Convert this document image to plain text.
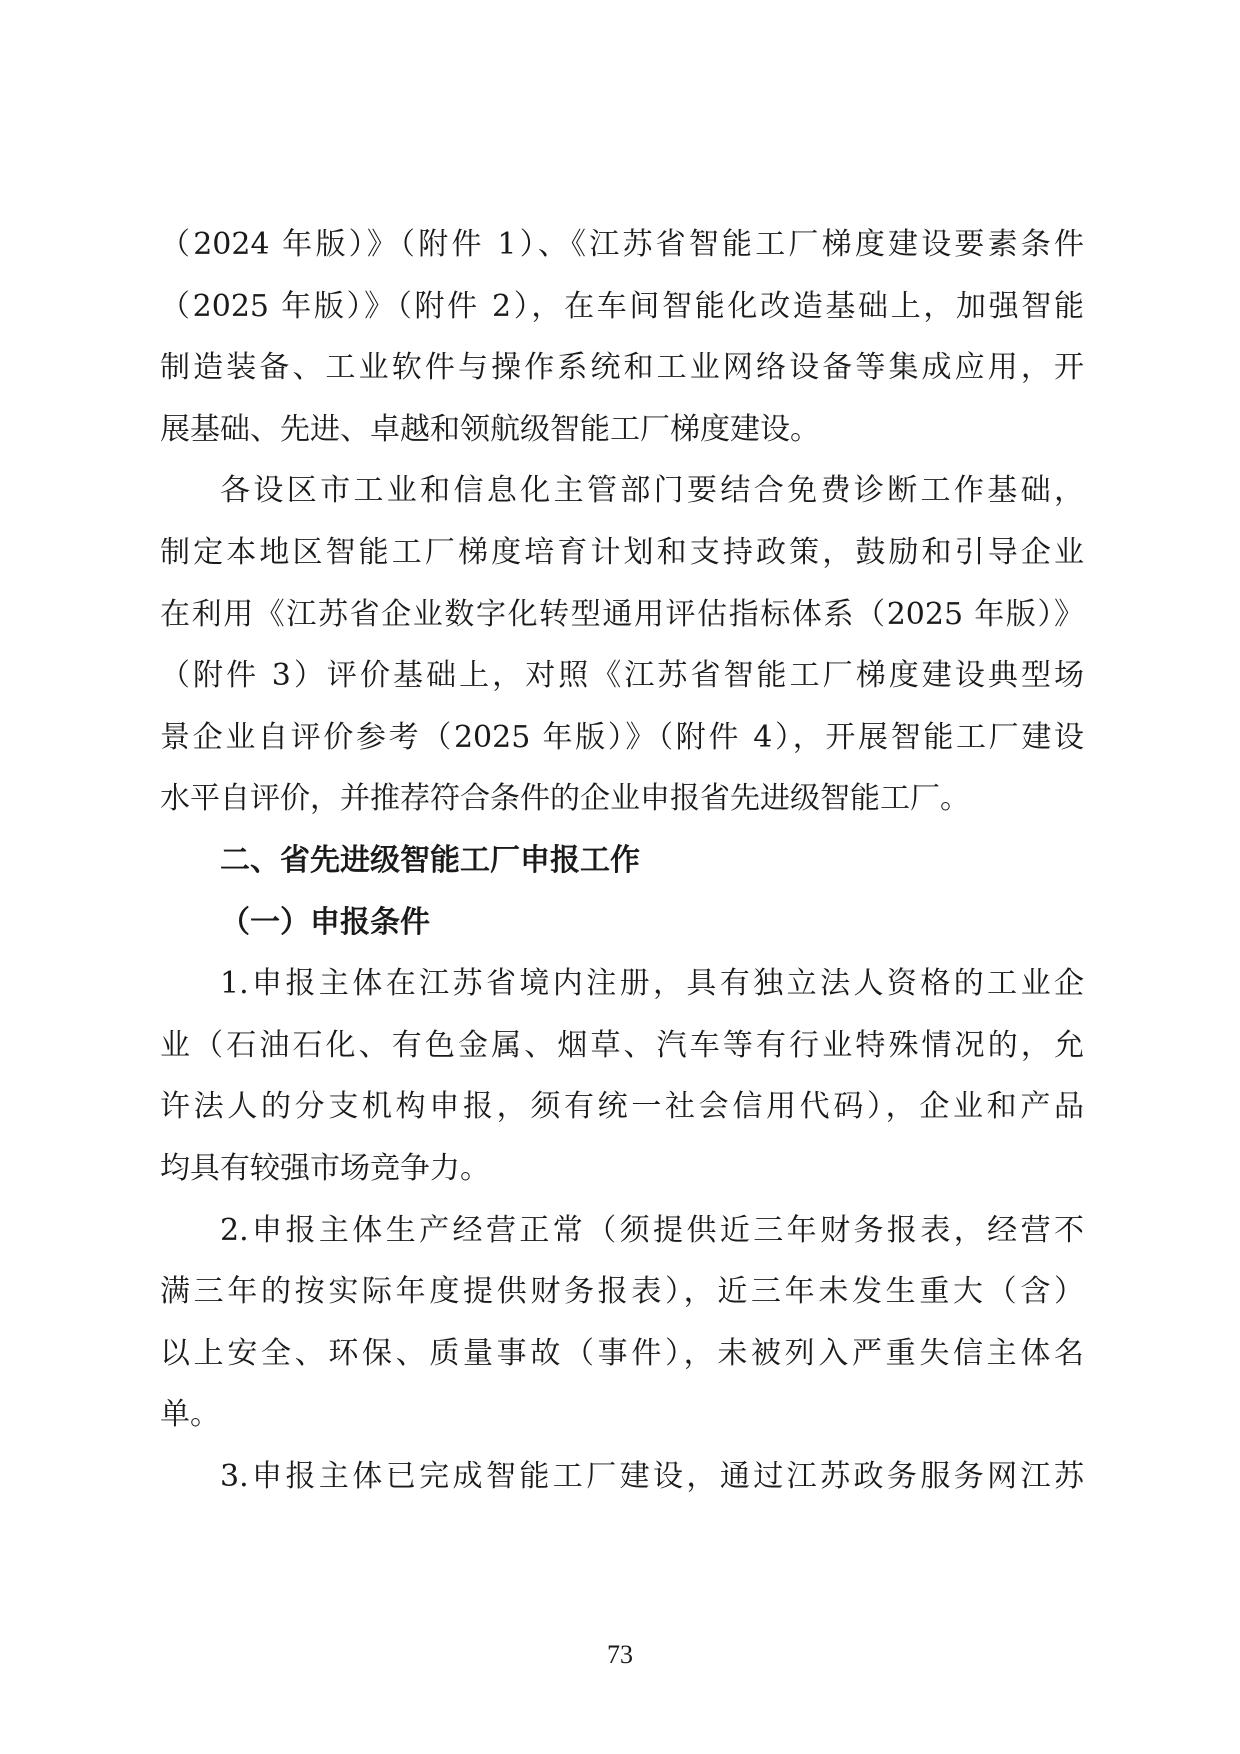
（2024 年版）》（附件 1）、《江苏省智能工厂梯度建设要素条件
（2025 年版）》（附件 2），在车间智能化改造基础上，加强智能
制造装备、工业软件与操作系统和工业网络设备等集成应用，开
展基础、先进、卓越和领航级智能工厂梯度建设。
各设区市工业和信息化主管部门要结合免费诊断工作基础，
制定本地区智能工厂梯度培育计划和支持政策，鼓励和引导企业
在利用《江苏省企业数字化转型通用评估指标体系（2025 年版）》
（附件 3）评价基础上，对照《江苏省智能工厂梯度建设典型场
景企业自评价参考（2025 年版）》（附件 4），开展智能工厂建设
水平自评价，并推荐符合条件的企业申报省先进级智能工厂。
二、省先进级智能工厂申报工作
（一）申报条件
1.申报主体在江苏省境内注册，具有独立法人资格的工业企
业（石油石化、有色金属、烟草、汽车等有行业特殊情况的，允
许法人的分支机构申报，须有统一社会信用代码），企业和产品
均具有较强市场竞争力。
2.申报主体生产经营正常（须提供近三年财务报表，经营不
满三年的按实际年度提供财务报表），近三年未发生重大（含）
以上安全、环保、质量事故（事件），未被列入严重失信主体名
单。
3.申报主体已完成智能工厂建设，通过江苏政务服务网江苏
73
